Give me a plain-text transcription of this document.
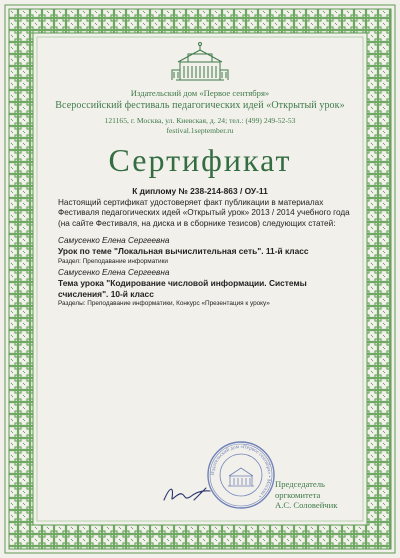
Издательский дом «Первое сентября»
Всероссийский фестиваль педагогических идей «Открытый урок»
121165, г. Москва, ул. Киевская, д. 24; тел.: (499) 249-52-53
festival.1september.ru
Сертификат
К диплому № 238-214-863 / ОУ-11
Настоящий сертификат удостоверяет факт публикации в материалах Фестиваля педагогических идей «Открытый урок» 2013 / 2014 учебного года (на сайте Фестиваля, на диска и в сборнике тезисов) следующих статей:
Самусенко Елена Сергеевна
Урок по теме "Локальная вычислительная сеть". 11-й класс
Раздел: Преподавание информатики
Самусенко Елена Сергеевна
Тема урока "Кодирование числовой информации. Системы счисления". 10-й класс
Разделы: Преподавание информатики, Конкурс «Презентация к уроку»
Издательский дом «Первое сентября» • Москва •
Председатель
оргкомитета
А.С. Соловейчик
